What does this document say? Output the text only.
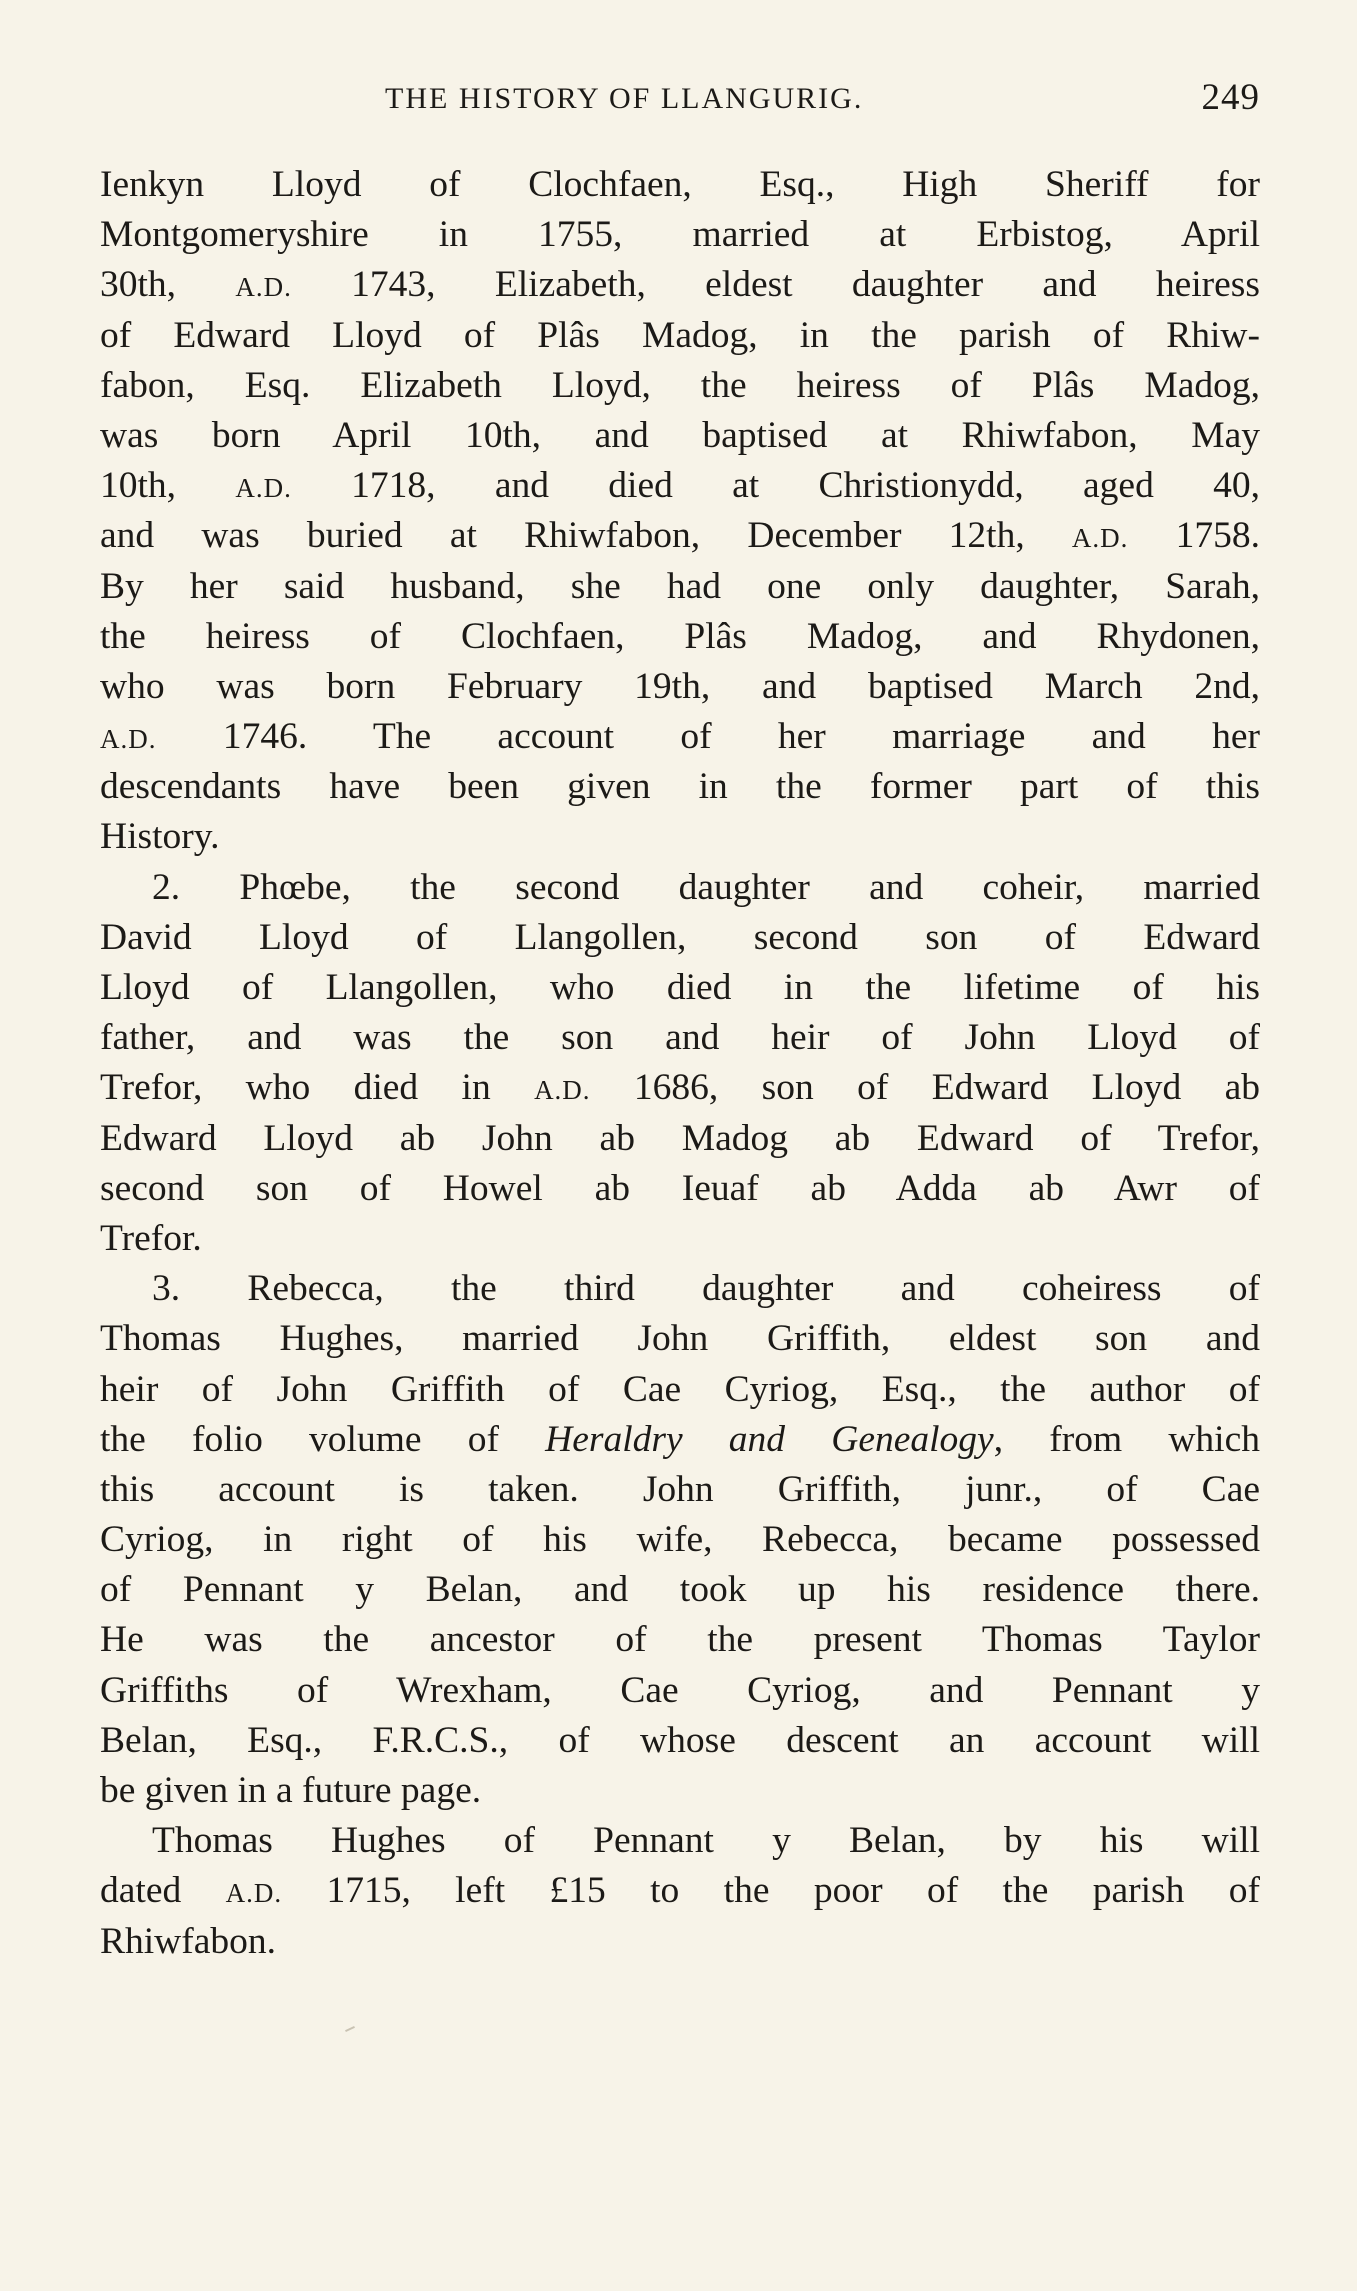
THE HISTORY OF LLANGURIG.	249
Ienkyn Lloyd of Clochfaen, Esq., High Sheriff for
Montgomeryshire in 1755, married at Erbistog, April
30th, A.D. 1743, Elizabeth, eldest daughter and heiress
of Edward Lloyd of Plâs Madog, in the parish of Rhiw-
fabon, Esq. Elizabeth Lloyd, the heiress of Plâs Madog,
was born April 10th, and baptised at Rhiwfabon, May
10th, A.D. 1718, and died at Christionydd, aged 40,
and was buried at Rhiwfabon, December 12th, A.D. 1758.
By her said husband, she had one only daughter, Sarah,
the heiress of Clochfaen, Plâs Madog, and Rhydonen,
who was born February 19th, and baptised March 2nd,
A.D. 1746. The account of her marriage and her
descendants have been given in the former part of this
History.
2. Phœbe, the second daughter and coheir, married
David Lloyd of Llangollen, second son of Edward
Lloyd of Llangollen, who died in the lifetime of his
father, and was the son and heir of John Lloyd of
Trefor, who died in A.D. 1686, son of Edward Lloyd ab
Edward Lloyd ab John ab Madog ab Edward of Trefor,
second son of Howel ab Ieuaf ab Adda ab Awr of
Trefor.
3. Rebecca, the third daughter and coheiress of
Thomas Hughes, married John Griffith, eldest son and
heir of John Griffith of Cae Cyriog, Esq., the author of
the folio volume of Heraldry and Genealogy, from which
this account is taken. John Griffith, junr., of Cae
Cyriog, in right of his wife, Rebecca, became possessed
of Pennant y Belan, and took up his residence there.
He was the ancestor of the present Thomas Taylor
Griffiths of Wrexham, Cae Cyriog, and Pennant y
Belan, Esq., F.R.C.S., of whose descent an account will
be given in a future page.
Thomas Hughes of Pennant y Belan, by his will
dated A.D. 1715, left £15 to the poor of the parish of
Rhiwfabon.
